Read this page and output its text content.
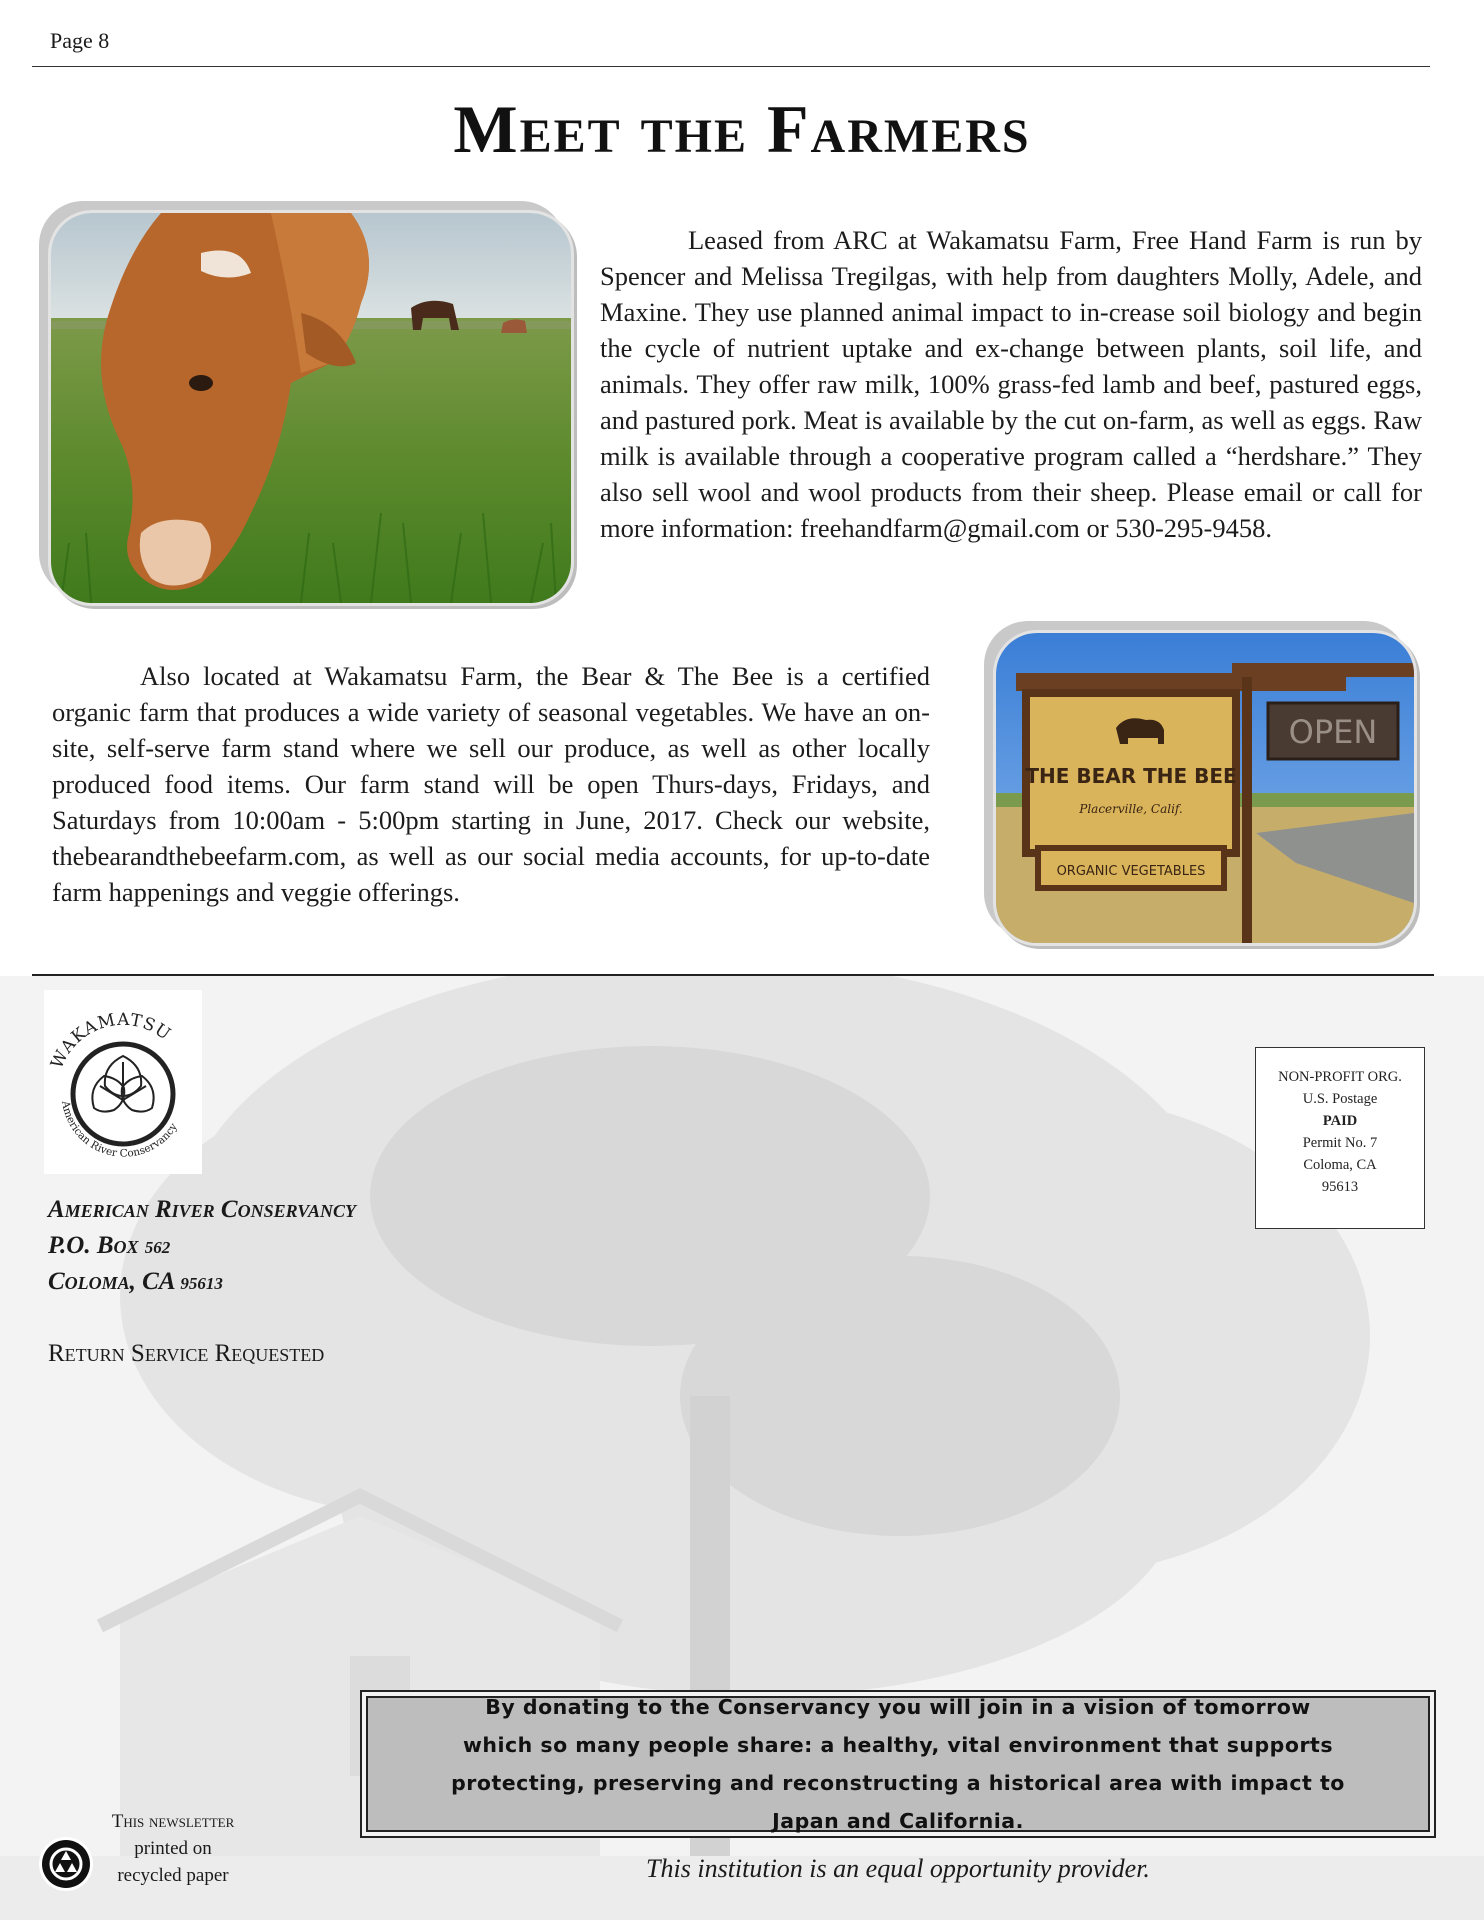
Page 8
Meet the Farmers
Leased from ARC at Wakamatsu Farm, Free Hand Farm is run by Spencer and Melissa Tregilgas, with help from daughters Molly, Adele, and Maxine. They use planned animal impact to in-crease soil biology and begin the cycle of nutrient uptake and ex-change between plants, soil life, and animals. They offer raw milk, 100% grass-fed lamb and beef, pastured eggs, and pastured pork. Meat is available by the cut on-farm, as well as eggs. Raw milk is available through a cooperative program called a “herdshare.” They also sell wool and wool products from their sheep. Please email or call for more information: freehandfarm@gmail.com or 530-295-9458.
Also located at Wakamatsu Farm, the Bear & The Bee is a certified organic farm that produces a wide variety of seasonal vegetables. We have an on-site, self-serve farm stand where we sell our produce, as well as other locally produced food items. Our farm stand will be open Thurs-days, Fridays, and Saturdays from 10:00am - 5:00pm starting in June, 2017. Check our website, thebearandthebeefarm.com, as well as our social media accounts, for up-to-date farm happenings and veggie offerings.
THE BEAR THE BEE
Placerville, Calif.
ORGANIC VEGETABLES
OPEN
WAKAMATSU
American River Conservancy
American River Conservancy
P.O. Box 562
Coloma, CA 95613
Return Service Requested
NON-PROFIT ORG.
U.S. Postage
PAID
Permit No. 7
Coloma, CA
95613
By donating to the Conservancy you will join in a vision of tomorrow which so many people share: a healthy, vital environment that supports protecting, preserving and reconstructing a historical area with impact to Japan and California.
This institution is an equal opportunity provider.
This newsletter
printed on
recycled paper
